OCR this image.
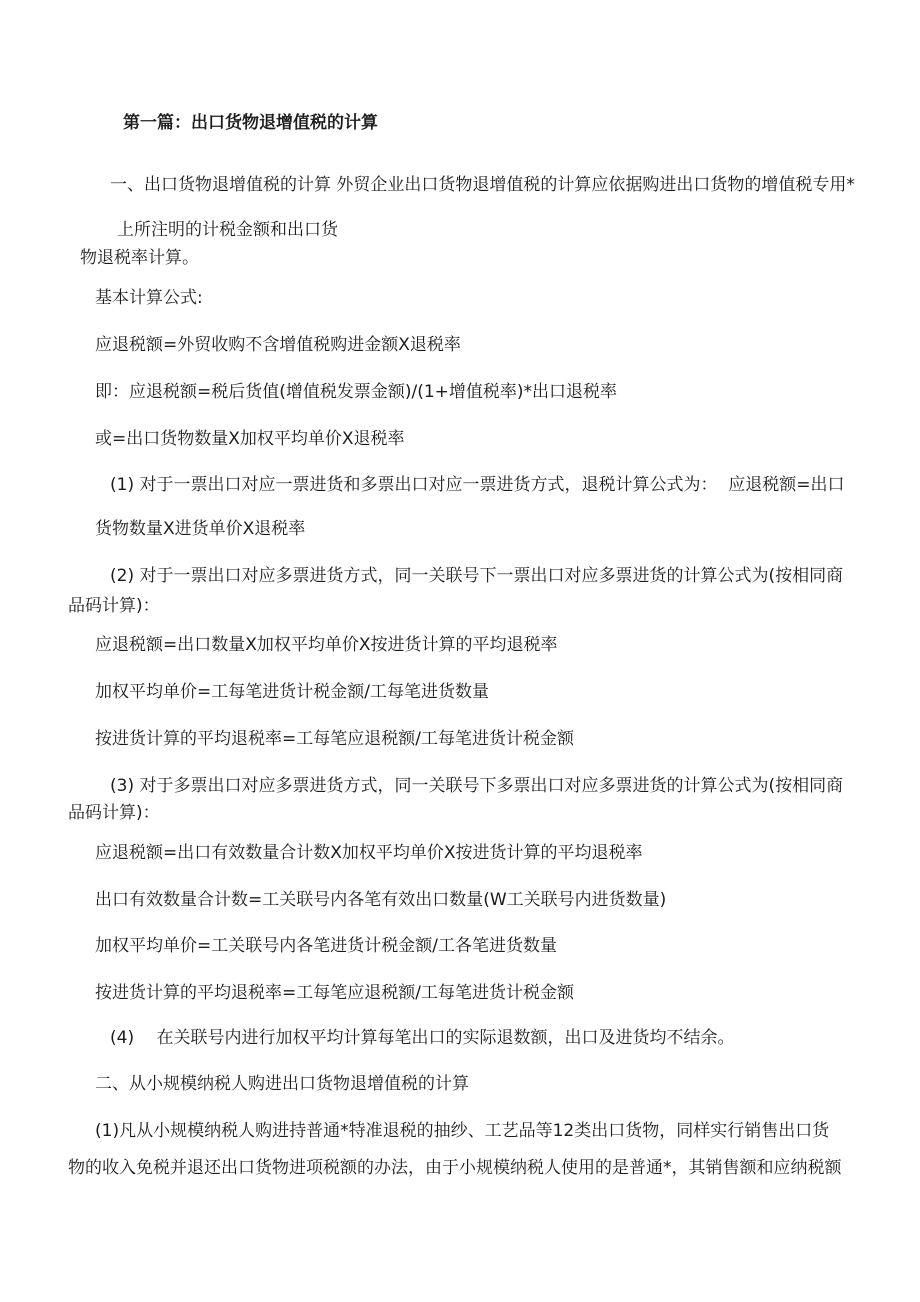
第一篇：出口货物退增值税的计算
一、出口货物退增值税的计算 外贸企业出口货物退增值税的计算应依据购进出口货物的增值税专用*
上所注明的计税金额和出口货
物退税率计算。
基本计算公式:
应退税额=外贸收购不含增值税购进金额X退税率
即：应退税额=税后货值(增值税发票金额)/(1+增值税率)*出口退税率
或=出口货物数量X加权平均单价X退税率
(1) 对于一票出口对应一票进货和多票出口对应一票进货方式，退税计算公式为：  应退税额=出口
货物数量X进货单价X退税率
(2) 对于一票出口对应多票进货方式，同一关联号下一票出口对应多票进货的计算公式为(按相同商
品码计算)：
应退税额=出口数量X加权平均单价X按进货计算的平均退税率
加权平均单价=工每笔进货计税金额/工每笔进货数量
按进货计算的平均退税率=工每笔应退税额/工每笔进货计税金额
(3) 对于多票出口对应多票进货方式，同一关联号下多票出口对应多票进货的计算公式为(按相同商
品码计算)：
应退税额=出口有效数量合计数X加权平均单价X按进货计算的平均退税率
出口有效数量合计数=工关联号内各笔有效出口数量(W工关联号内进货数量)
加权平均单价=工关联号内各笔进货计税金额/工各笔进货数量
按进货计算的平均退税率=工每笔应退税额/工每笔进货计税金额
(4)　 在关联号内进行加权平均计算每笔出口的实际退数额，出口及进货均不结余。
二、从小规模纳税人购进出口货物退增值税的计算
(1)凡从小规模纳税人购进持普通*特准退税的抽纱、工艺品等12类出口货物，同样实行销售出口货
物的收入免税并退还出口货物进项税额的办法，由于小规模纳税人使用的是普通*，其销售额和应纳税额
